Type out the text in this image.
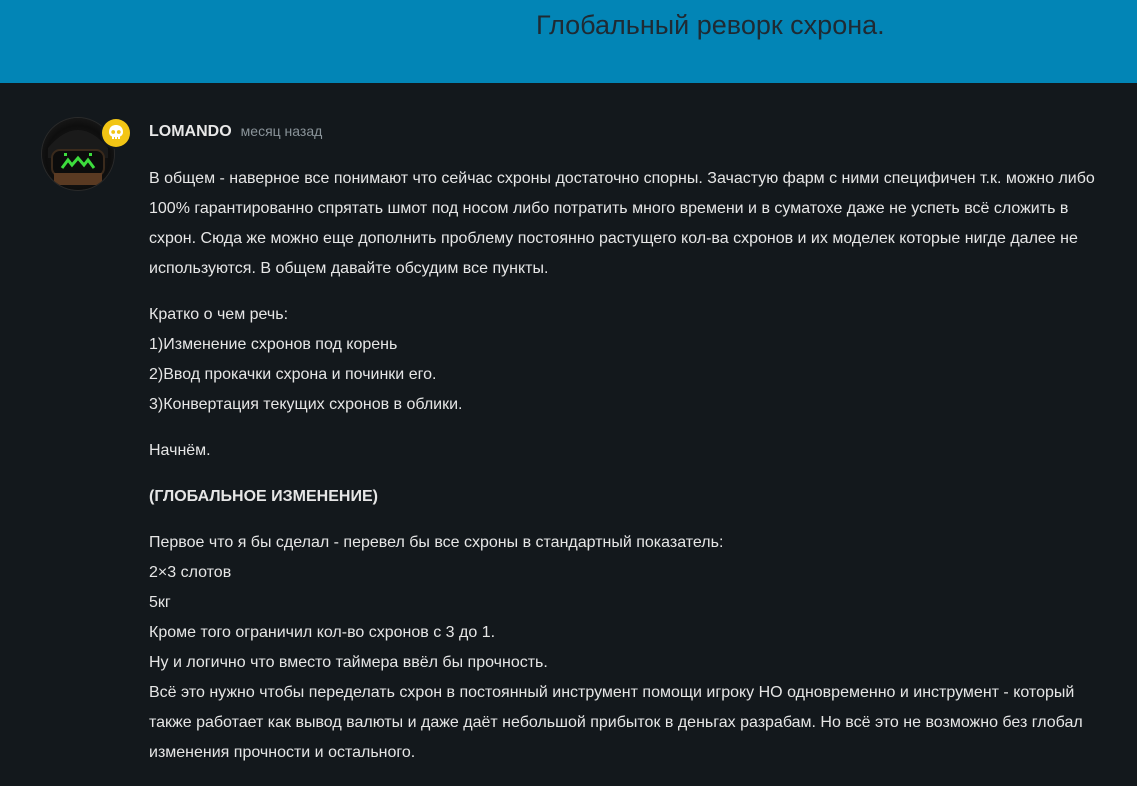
Глобальный реворк схрона.
LOMANDO месяц назад

В общем - наверное все понимают что сейчас схроны достаточно спорны. Зачастую фарм с ними специфичен т.к. можно либо 100% гарантированно спрятать шмот под носом либо потратить много времени и в суматохе даже не успеть всё сложить в схрон. Сюда же можно еще дополнить проблему постоянно растущего кол-ва схронов и их моделек которые нигде далее не используются. В общем давайте обсудим все пункты.

Кратко о чем речь:
1)Изменение схронов под корень
2)Ввод прокачки схрона и починки его.
3)Конвертация текущих схронов в облики.

Начнём.

(ГЛОБАЛЬНОЕ ИЗМЕНЕНИЕ)

Первое что я бы сделал - перевел бы все схроны в стандартный показатель:
2×3 слотов
5кг
Кроме того ограничил кол-во схронов с 3 до 1.
Ну и логично что вместо таймера ввёл бы прочность.
Всё это нужно чтобы переделать схрон в постоянный инструмент помощи игроку НО одновременно и инструмент - который также работает как вывод валюты и даже даёт небольшой прибыток в деньгах разрабам. Но всё это не возможно без глобал изменения прочности и остального.
